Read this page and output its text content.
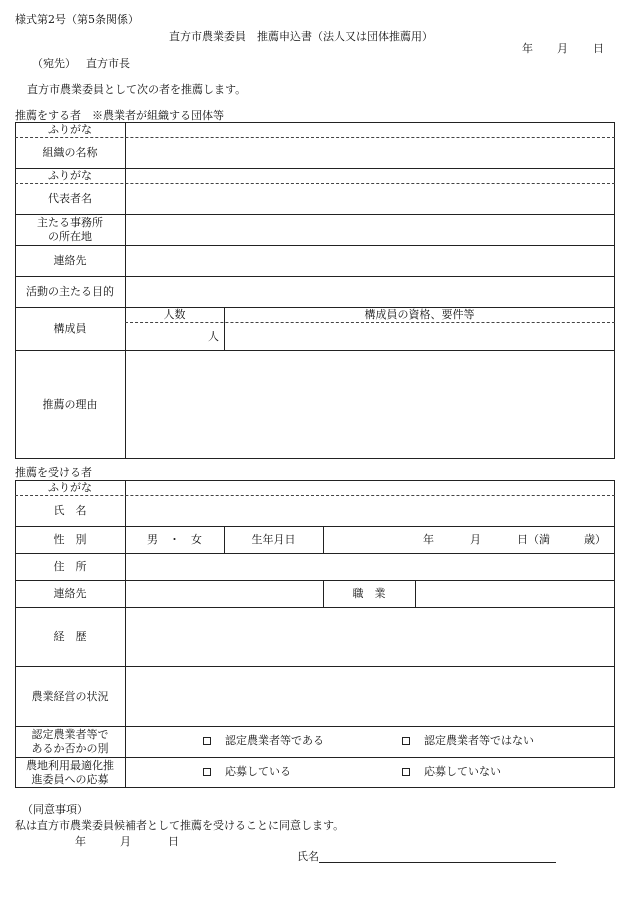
様式第2号（第5条関係）
直方市農業委員　推薦申込書（法人又は団体推薦用）
年 月 日
（宛先） 直方市長
直方市農業委員として次の者を推薦します。
推薦をする者　※農業者が組織する団体等
ふりがな
組織の名称
ふりがな
代表者名
主たる事務所
の所在地
連絡先
活動の主たる目的
構成員
人数	構成員の資格、要件等
人
推薦の理由
推薦を受ける者
ふりがな
氏　名
性　別	男　・　女	生年月日	年	月	日（満	歳）
住　所
連絡先	職　業
経　歴
農業経営の状況
認定農業者等で
あるか否かの別
認定農業者等である	認定農業者等ではない
農地利用最適化推
進委員への応募
応募している	応募していない
（同意事項）
私は直方市農業委員候補者として推薦を受けることに同意します。
年	月	日
氏名
